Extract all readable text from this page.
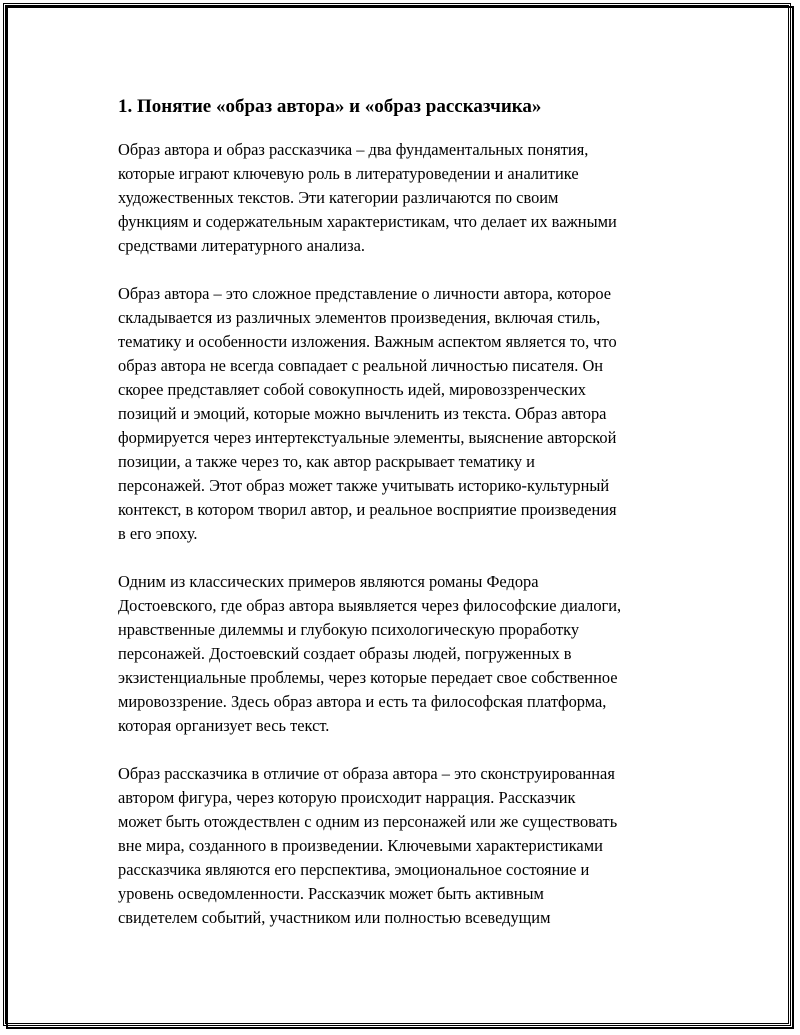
1. Понятие «образ автора» и «образ рассказчика»

Образ автора и образ рассказчика – два фундаментальных понятия,
которые играют ключевую роль в литературоведении и аналитике
художественных текстов. Эти категории различаются по своим
функциям и содержательным характеристикам, что делает их важными
средствами литературного анализа.

Образ автора – это сложное представление о личности автора, которое
складывается из различных элементов произведения, включая стиль,
тематику и особенности изложения. Важным аспектом является то, что
образ автора не всегда совпадает с реальной личностью писателя. Он
скорее представляет собой совокупность идей, мировоззренческих
позиций и эмоций, которые можно вычленить из текста. Образ автора
формируется через интертекстуальные элементы, выяснение авторской
позиции, а также через то, как автор раскрывает тематику и
персонажей. Этот образ может также учитывать историко-культурный
контекст, в котором творил автор, и реальное восприятие произведения
в его эпоху.

Одним из классических примеров являются романы Федора
Достоевского, где образ автора выявляется через философские диалоги,
нравственные дилеммы и глубокую психологическую проработку
персонажей. Достоевский создает образы людей, погруженных в
экзистенциальные проблемы, через которые передает свое собственное
мировоззрение. Здесь образ автора и есть та философская платформа,
которая организует весь текст.

Образ рассказчика в отличие от образа автора – это сконструированная
автором фигура, через которую происходит наррация. Рассказчик
может быть отождествлен с одним из персонажей или же существовать
вне мира, созданного в произведении. Ключевыми характеристиками
рассказчика являются его перспектива, эмоциональное состояние и
уровень осведомленности. Рассказчик может быть активным
свидетелем событий, участником или полностью всеведущим
